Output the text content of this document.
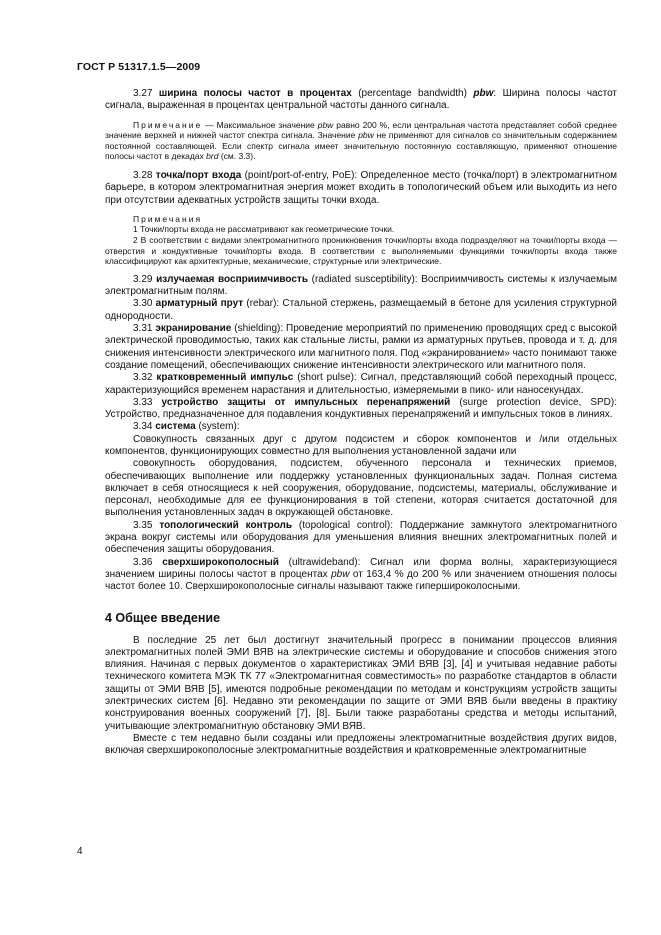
ГОСТ Р 51317.1.5—2009

3.27 ширина полосы частот в процентах (percentage bandwidth) pbw: Ширина полосы частот сигнала, выраженная в процентах центральной частоты данного сигнала.

Примечание — Максимальное значение pbw равно 200 %, если центральная частота представляет собой среднее значение верхней и нижней частот спектра сигнала. Значение pbw не применяют для сигналов со значительным содержанием постоянной составляющей. Если спектр сигнала имеет значительную постоянную составляющую, применяют отношение полосы частот в декадах brd (см. 3.3).

3.28 точка/порт входа (point/port-of-entry, PoE): Определенное место (точка/порт) в электромагнитном барьере, в котором электромагнитная энергия может входить в топологический объем или выходить из него при отсутствии адекватных устройств защиты точки входа.

Примечания

1 Точки/порты входа не рассматривают как геометрические точки.

2 В соответствии с видами электромагнитного проникновения точки/порты входа подразделяют на точки/порты входа — отверстия и кондуктивные точки/порты входа. В соответствии с выполняемыми функциями точки/порты входа также классифицируют как архитектурные, механические, структурные или электрические.

3.29 излучаемая восприимчивость (radiated susceptibility): Восприимчивость системы к излучаемым электромагнитным полям.

3.30 арматурный прут (rebar): Стальной стержень, размещаемый в бетоне для усиления структурной однородности.

3.31 экранирование (shielding): Проведение мероприятий по применению проводящих сред с высокой электрической проводимостью, таких как стальные листы, рамки из арматурных прутьев, провода и т. д. для снижения интенсивности электрического или магнитного поля. Под «экранированием» часто понимают также создание помещений, обеспечивающих снижение интенсивности электрического или магнитного поля.

3.32 кратковременный импульс (short pulse): Сигнал, представляющий собой переходный процесс, характеризующийся временем нарастания и длительностью, измеряемыми в пико- или наносекундах.

3.33 устройство защиты от импульсных перенапряжений (surge protection device, SPD): Устройство, предназначенное для подавления кондуктивных перенапряжений и импульсных токов в линиях.

3.34 система (system):

Совокупность связанных друг с другом подсистем и сборок компонентов и /или отдельных компонентов, функционирующих совместно для выполнения установленной задачи или

совокупность оборудования, подсистем, обученного персонала и технических приемов, обеспечивающих выполнение или поддержку установленных функциональных задач. Полная система включает в себя относящиеся к ней сооружения, оборудование, подсистемы, материалы, обслуживание и персонал, необходимые для ее функционирования в той степени, которая считается достаточной для выполнения установленных задач в окружающей обстановке.

3.35 топологический контроль (topological control): Поддержание замкнутого электромагнитного экрана вокруг системы или оборудования для уменьшения влияния внешних электромагнитных полей и обеспечения защиты оборудования.

3.36 сверхширокополосный (ultrawideband): Сигнал или форма волны, характеризующиеся значением ширины полосы частот в процентах pbw от 163,4 % до 200 % или значением отношения полосы частот более 10. Сверхширокополосные сигналы называют также гипершироколосными.

4 Общее введение

В последние 25 лет был достигнут значительный прогресс в понимании процессов влияния электромагнитных полей ЭМИ ВЯВ на электрические системы и оборудование и способов снижения этого влияния. Начиная с первых документов о характеристиках ЭМИ ВЯВ [3], [4] и учитывая недавние работы технического комитета МЭК ТК 77 «Электромагнитная совместимость» по разработке стандартов в области защиты от ЭМИ ВЯВ [5], имеются подробные рекомендации по методам и конструкциям устройств защиты электрических систем [6]. Недавно эти рекомендации по защите от ЭМИ ВЯВ были введены в практику конструирования военных сооружений [7], [8]. Были также разработаны средства и методы испытаний, учитывающие электромагнитную обстановку ЭМИ ВЯВ.

Вместе с тем недавно были созданы или предложены электромагнитные воздействия других видов, включая сверхширокополосные электромагнитные воздействия и кратковременные электромагнитные

4
